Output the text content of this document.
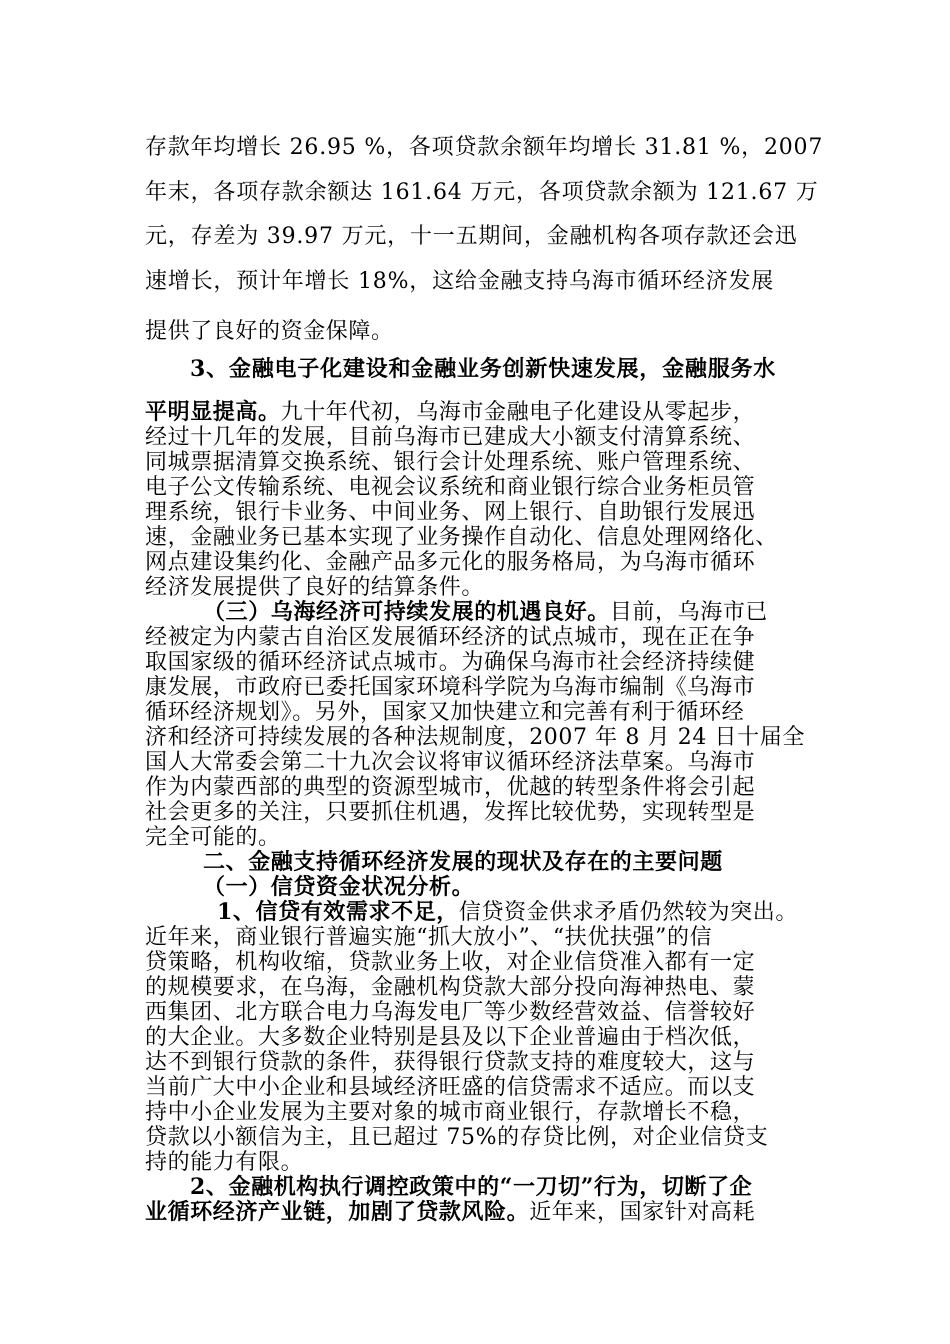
存款年均增长 26.95 %，各项贷款余额年均增长 31.81 %，2007
年末，各项存款余额达 161.64 万元，各项贷款余额为 121.67 万
元，存差为 39.97 万元，十一五期间，金融机构各项存款还会迅
速增长，预计年增长 18%，这给金融支持乌海市循环经济发展
提供了良好的资金保障。
3、金融电子化建设和金融业务创新快速发展，金融服务水
平明显提高。九十年代初，乌海市金融电子化建设从零起步，
经过十几年的发展，目前乌海市已建成大小额支付清算系统、
同城票据清算交换系统、银行会计处理系统、账户管理系统、
电子公文传输系统、电视会议系统和商业银行综合业务柜员管
理系统，银行卡业务、中间业务、网上银行、自助银行发展迅
速，金融业务已基本实现了业务操作自动化、信息处理网络化、
网点建设集约化、金融产品多元化的服务格局，为乌海市循环
经济发展提供了良好的结算条件。
（三）乌海经济可持续发展的机遇良好。目前，乌海市已
经被定为内蒙古自治区发展循环经济的试点城市，现在正在争
取国家级的循环经济试点城市。为确保乌海市社会经济持续健
康发展，市政府已委托国家环境科学院为乌海市编制《乌海市
循环经济规划》。另外，国家又加快建立和完善有利于循环经
济和经济可持续发展的各种法规制度，2007 年 8 月 24 日十届全
国人大常委会第二十九次会议将审议循环经济法草案。乌海市
作为内蒙西部的典型的资源型城市，优越的转型条件将会引起
社会更多的关注，只要抓住机遇，发挥比较优势，实现转型是
完全可能的。
二、金融支持循环经济发展的现状及存在的主要问题
（一）信贷资金状况分析。
1、信贷有效需求不足，信贷资金供求矛盾仍然较为突出。
近年来，商业银行普遍实施“抓大放小”、“扶优扶强”的信
贷策略，机构收缩，贷款业务上收，对企业信贷准入都有一定
的规模要求，在乌海，金融机构贷款大部分投向海神热电、蒙
西集团、北方联合电力乌海发电厂等少数经营效益、信誉较好
的大企业。大多数企业特别是县及以下企业普遍由于档次低，
达不到银行贷款的条件，获得银行贷款支持的难度较大，这与
当前广大中小企业和县域经济旺盛的信贷需求不适应。而以支
持中小企业发展为主要对象的城市商业银行，存款增长不稳，
贷款以小额信为主，且已超过 75%的存贷比例，对企业信贷支
持的能力有限。
2、金融机构执行调控政策中的“一刀切”行为，切断了企
业循环经济产业链，加剧了贷款风险。近年来，国家针对高耗
